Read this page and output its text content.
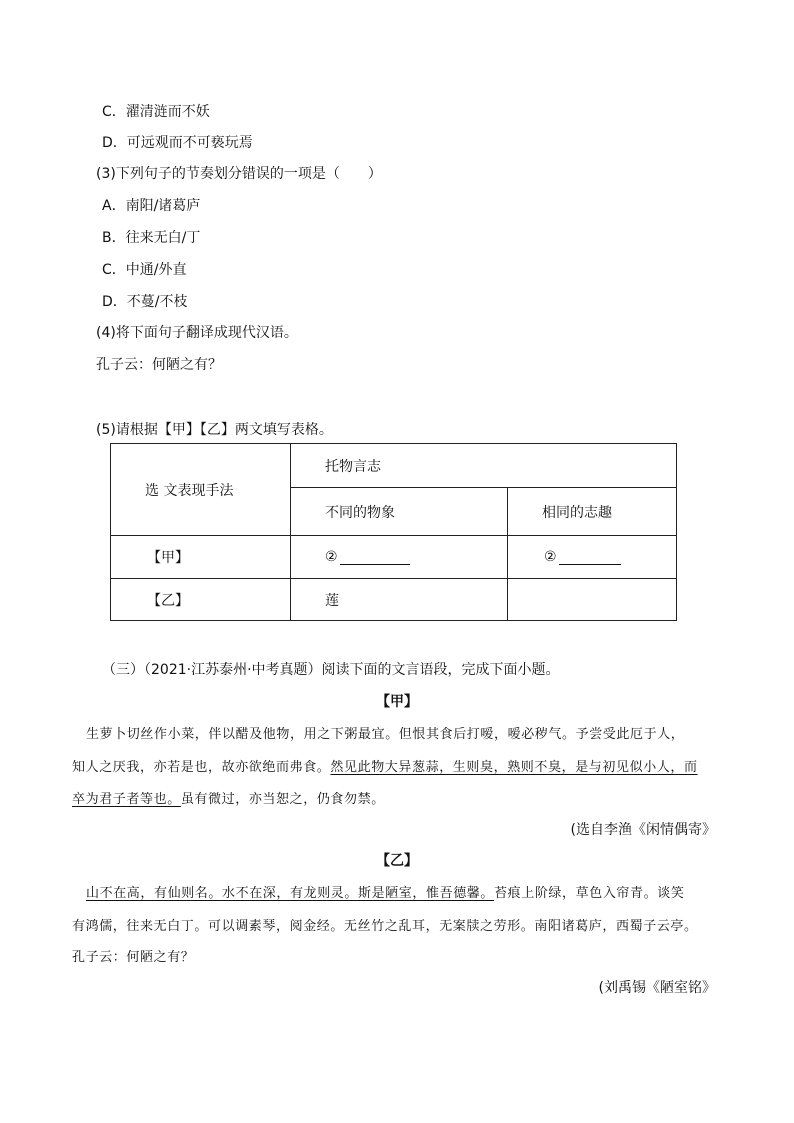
C．濯清涟而不妖
D．可远观而不可亵玩焉
(3)下列句子的节奏划分错误的一项是（　　）
A．南阳/诸葛庐
B．往来无白/丁
C．中通/外直
D．不蔓/不枝
(4)将下面句子翻译成现代汉语。
孔子云：何陋之有？
(5)请根据【甲】【乙】两文填写表格。
选 文表现手法	托物言志	
	不同的物象	相同的志趣
【甲】	②	②
【乙】	莲	
（三）（2021·江苏泰州·中考真题）阅读下面的文言语段，完成下面小题。
【甲】
生萝卜切丝作小菜，伴以醋及他物，用之下粥最宜。但恨其食后打嗳，嗳必秽气。予尝受此厄于人，
知人之厌我，亦若是也，故亦欲绝而弗食。然见此物大异葱蒜，生则臭，熟则不臭，是与初见似小人，而
卒为君子者等也。虽有微过，亦当恕之，仍食勿禁。
(选自李渔《闲情偶寄》
【乙】
山不在高，有仙则名。水不在深，有龙则灵。斯是陋室，惟吾德馨。苔痕上阶绿，草色入帘青。谈笑
有鸿儒，往来无白丁。可以调素琴，阅金经。无丝竹之乱耳，无案牍之劳形。南阳诸葛庐，西蜀子云亭。
孔子云：何陋之有？
(刘禹锡《陋室铭》
